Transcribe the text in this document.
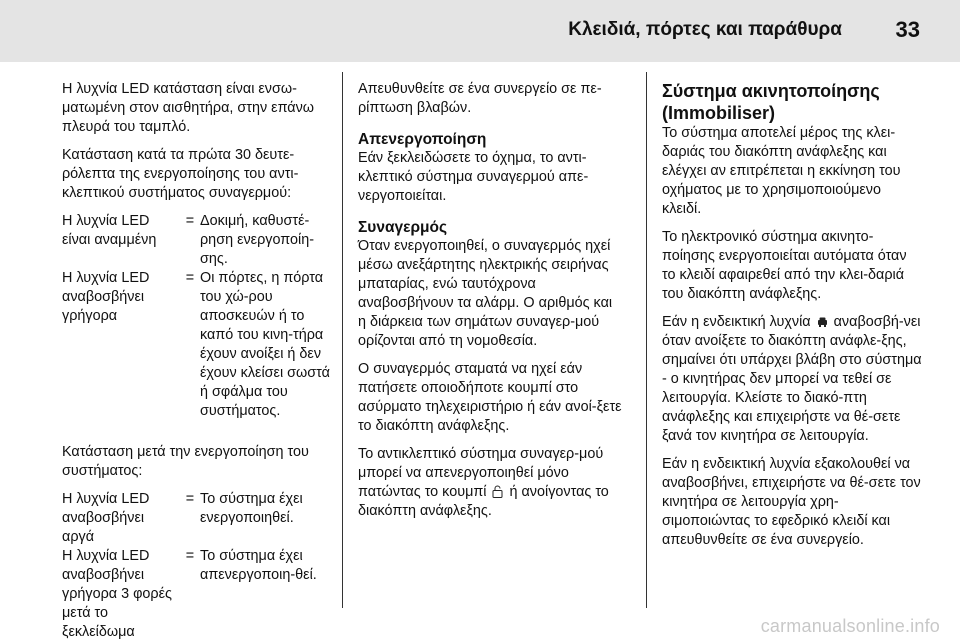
Κλειδιά, πόρτες και παράθυρα 33

Η λυχνία LED κατάσταση είναι ενσω-ματωμένη στον αισθητήρα, στην επάνω πλευρά του ταμπλό.

Κατάσταση κατά τα πρώτα 30 δευτε-ρόλεπτα της ενεργοποίησης του αντι-κλεπτικού συστήματος συναγερμού:

Η λυχνία LED είναι αναμμένη
= Δοκιμή, καθυστέ-ρηση ενεργοποίη-σης.
Η λυχνία LED αναβοσβήνει γρήγορα
= Οι πόρτες, η πόρτα του χώ-ρου αποσκευών ή το καπό του κινη-τήρα έχουν ανοίξει ή δεν έχουν κλείσει σωστά ή σφάλμα του συστήματος.

Κατάσταση μετά την ενεργοποίηση του συστήματος:

Η λυχνία LED αναβοσβήνει αργά
= Το σύστημα έχει ενεργοποιηθεί.
Η λυχνία LED αναβοσβήνει γρήγορα 3 φορές μετά το ξεκλείδωμα
= Το σύστημα έχει απενεργοποιη-θεί.

Απευθυνθείτε σε ένα συνεργείο σε πε-ρίπτωση βλαβών.

Απενεργοποίηση

Εάν ξεκλειδώσετε το όχημα, το αντι-κλεπτικό σύστημα συναγερμού απε-νεργοποιείται.

Συναγερμός

Όταν ενεργοποιηθεί, ο συναγερμός ηχεί μέσω ανεξάρτητης ηλεκτρικής σειρήνας μπαταρίας, ενώ ταυτόχρονα αναβοσβήνουν τα αλάρμ. Ο αριθμός και η διάρκεια των σημάτων συναγερ-μού ορίζονται από τη νομοθεσία.

Ο συναγερμός σταματά να ηχεί εάν πατήσετε οποιοδήποτε κουμπί στο ασύρματο τηλεχειριστήριο ή εάν ανοί-ξετε το διακόπτη ανάφλεξης.

Το αντικλεπτικό σύστημα συναγερ-μού μπορεί να απενεργοποιηθεί μόνο πατώντας το κουμπί ή ανοίγοντας το διακόπτη ανάφλεξης.

Σύστημα ακινητοποίησης (Immobiliser)

Το σύστημα αποτελεί μέρος της κλει-δαριάς του διακόπτη ανάφλεξης και ελέγχει αν επιτρέπεται η εκκίνηση του οχήματος με το χρησιμοποιούμενο κλειδί.

Το ηλεκτρονικό σύστημα ακινητο-ποίησης ενεργοποιείται αυτόματα όταν το κλειδί αφαιρεθεί από την κλει-δαριά του διακόπτη ανάφλεξης.

Εάν η ενδεικτική λυχνία αναβοσβή-νει όταν ανοίξετε το διακόπτη ανάφλε-ξης, σημαίνει ότι υπάρχει βλάβη στο σύστημα - ο κινητήρας δεν μπορεί να τεθεί σε λειτουργία. Κλείστε το διακό-πτη ανάφλεξης και επιχειρήστε να θέ-σετε ξανά τον κινητήρα σε λειτουργία.

Εάν η ενδεικτική λυχνία εξακολουθεί να αναβοσβήνει, επιχειρήστε να θέ-σετε τον κινητήρα σε λειτουργία χρη-σιμοποιώντας το εφεδρικό κλειδί και απευθυνθείτε σε ένα συνεργείο.

carmanualsonline.info
